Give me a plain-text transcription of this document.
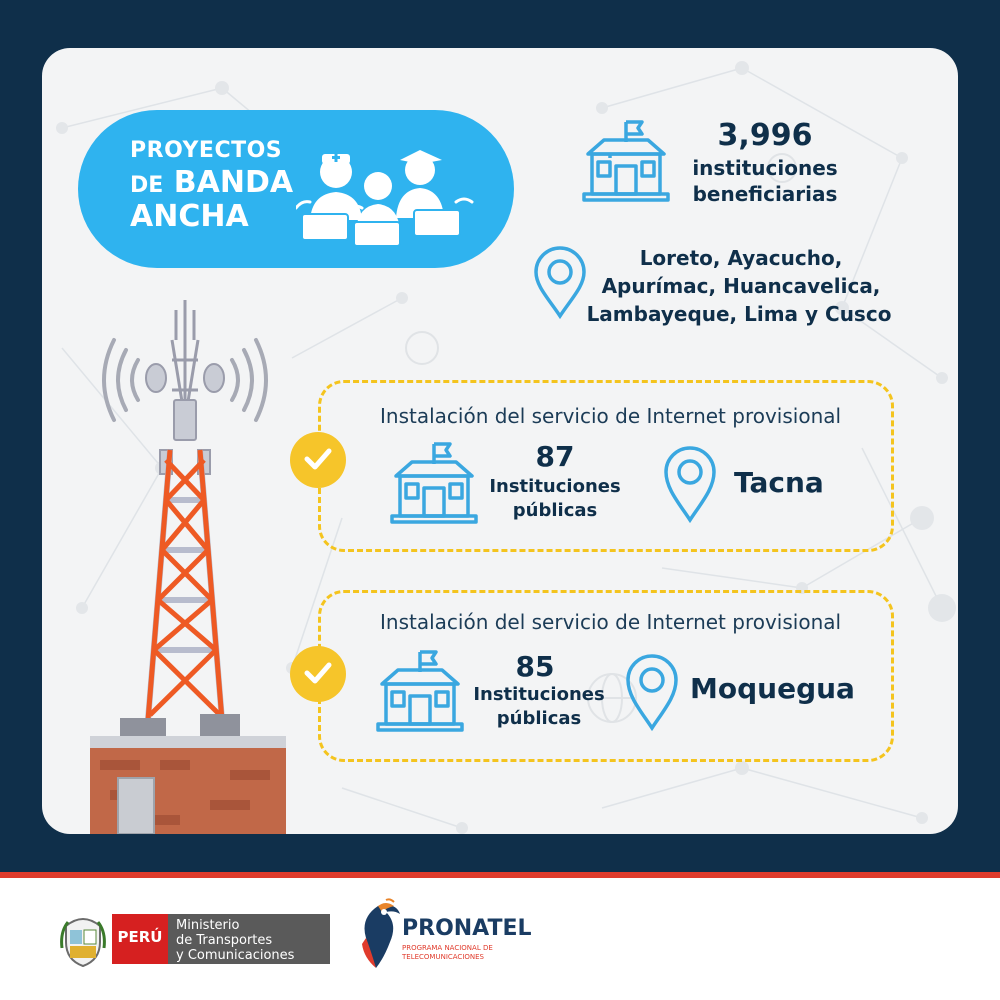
PROYECTOS
DE BANDA
ANCHA
3,996
instituciones
beneficiarias
Loreto, Ayacucho,
Apurímac, Huancavelica,
Lambayeque, Lima y Cusco
Instalación del servicio de Internet provisional
87
Instituciones
públicas
Tacna
Instalación del servicio de Internet provisional
85
Instituciones
públicas
Moquegua
PERÚ
Ministerio
de Transportes
y Comunicaciones
PRONATEL
PROGRAMA NACIONAL DE
TELECOMUNICACIONES
